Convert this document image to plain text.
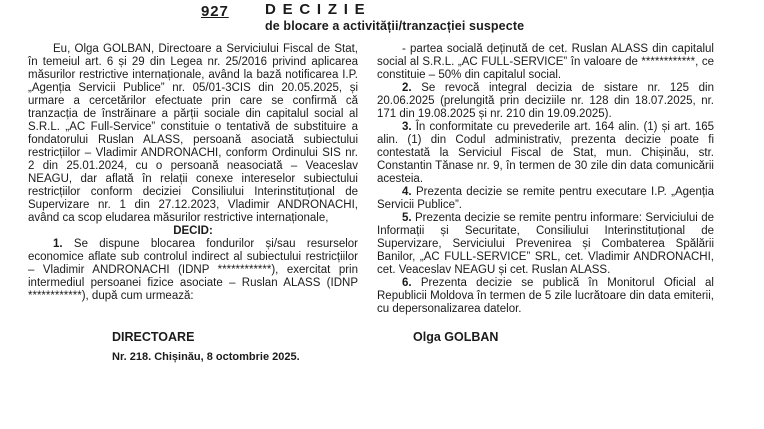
927 DECIZIE
de blocare a activității/tranzacției suspecte

Eu, Olga GOLBAN, Directoare a Serviciului Fiscal de Stat, în temeiul art. 6 și 29 din Legea nr. 25/2016 privind aplicarea măsurilor restrictive internaționale, având la bază notificarea I.P. „Agenția Servicii Publice” nr. 05/01-3CIS din 20.05.2025, și urmare a cercetărilor efectuate prin care se confirmă că tranzacția de înstrăinare a părții sociale din capitalul social al S.R.L. „AC Full-Service” constituie o tentativă de substituire a fondatorului Ruslan ALASS, persoană asociată subiectului restricțiilor – Vladimir ANDRONACHI, conform Ordinului SIS nr. 2 din 25.01.2024, cu o persoană neasociată – Veaceslav NEAGU, dar aflată în relații conexe intereselor subiectului restricțiilor conform deciziei Consiliului Interinstituțional de Supervizare nr. 1 din 27.12.2023, Vladimir ANDRONACHI, având ca scop eludarea măsurilor restrictive internaționale,

DECID:

1. Se dispune blocarea fondurilor și/sau resurselor economice aflate sub controlul indirect al subiectului restricțiilor – Vladimir ANDRONACHI (IDNP ************), exercitat prin intermediul persoanei fizice asociate – Ruslan ALASS (IDNP ************), după cum urmează:

- partea socială deținută de cet. Ruslan ALASS din capitalul social al S.R.L. „AC FULL-SERVICE” în valoare de ************, ce constituie – 50% din capitalul social.

2. Se revocă integral decizia de sistare nr. 125 din 20.06.2025 (prelungită prin deciziile nr. 128 din 18.07.2025, nr. 171 din 19.08.2025 și nr. 210 din 19.09.2025).

3. În conformitate cu prevederile art. 164 alin. (1) și art. 165 alin. (1) din Codul administrativ, prezenta decizie poate fi contestată la Serviciul Fiscal de Stat, mun. Chișinău, str. Constantin Tănase nr. 9, în termen de 30 zile din data comunicării acesteia.

4. Prezenta decizie se remite pentru executare I.P. „Agenția Servicii Publice”.

5. Prezenta decizie se remite pentru informare: Serviciului de Informații și Securitate, Consiliului Interinstituțional de Supervizare, Serviciului Prevenirea și Combaterea Spălării Banilor, „AC FULL-SERVICE” SRL, cet. Vladimir ANDRONACHI, cet. Veaceslav NEAGU și cet. Ruslan ALASS.

6. Prezenta decizie se publică în Monitorul Oficial al Republicii Moldova în termen de 5 zile lucrătoare din data emiterii, cu depersonalizarea datelor.

DIRECTOARE

Nr. 218. Chișinău, 8 octombrie 2025.

Olga GOLBAN
